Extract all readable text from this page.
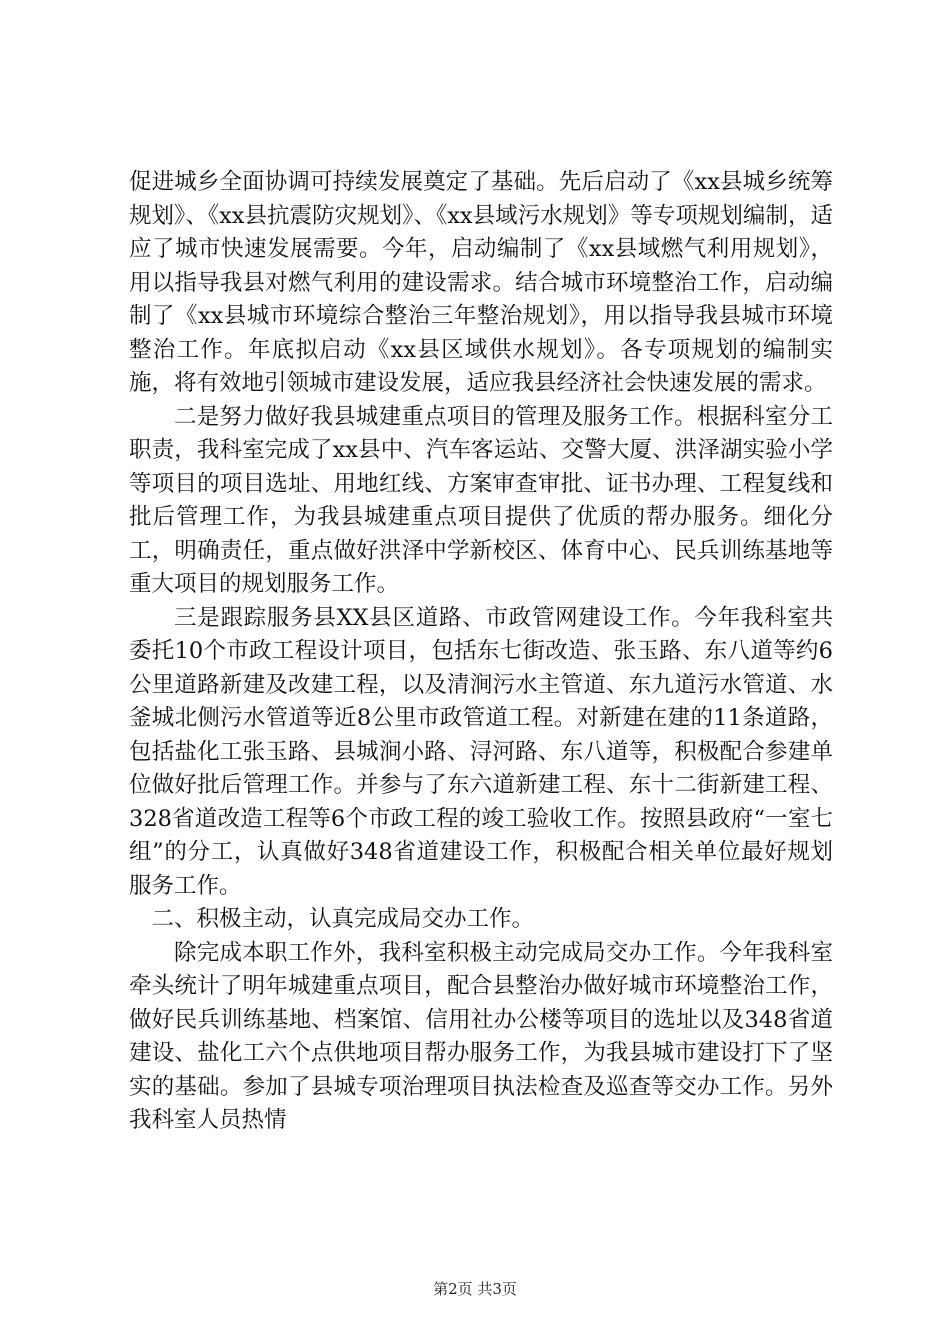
促进城乡全面协调可持续发展奠定了基础。先后启动了《xx县城乡统筹规划》、《xx县抗震防灾规划》、《xx县域污水规划》等专项规划编制，适应了城市快速发展需要。今年，启动编制了《xx县域燃气利用规划》，用以指导我县对燃气利用的建设需求。结合城市环境整治工作，启动编制了《xx县城市环境综合整治三年整治规划》，用以指导我县城市环境整治工作。年底拟启动《xx县区域供水规划》。各专项规划的编制实施，将有效地引领城市建设发展，适应我县经济社会快速发展的需求。

二是努力做好我县城建重点项目的管理及服务工作。根据科室分工职责，我科室完成了xx县中、汽车客运站、交警大厦、洪泽湖实验小学等项目的项目选址、用地红线、方案审查审批、证书办理、工程复线和批后管理工作，为我县城建重点项目提供了优质的帮办服务。细化分工，明确责任，重点做好洪泽中学新校区、体育中心、民兵训练基地等重大项目的规划服务工作。

三是跟踪服务县XX县区道路、市政管网建设工作。今年我科室共委托10个市政工程设计项目，包括东七街改造、张玉路、东八道等约6公里道路新建及改建工程，以及清涧污水主管道、东九道污水管道、水釜城北侧污水管道等近8公里市政管道工程。对新建在建的11条道路，包括盐化工张玉路、县城涧小路、浔河路、东八道等，积极配合参建单位做好批后管理工作。并参与了东六道新建工程、东十二街新建工程、328省道改造工程等6个市政工程的竣工验收工作。按照县政府“一室七组”的分工，认真做好348省道建设工作，积极配合相关单位最好规划服务工作。

二、积极主动，认真完成局交办工作。

除完成本职工作外，我科室积极主动完成局交办工作。今年我科室牵头统计了明年城建重点项目，配合县整治办做好城市环境整治工作，做好民兵训练基地、档案馆、信用社办公楼等项目的选址以及348省道建设、盐化工六个点供地项目帮办服务工作，为我县城市建设打下了坚实的基础。参加了县城专项治理项目执法检查及巡查等交办工作。另外我科室人员热情

第2页 共3页
